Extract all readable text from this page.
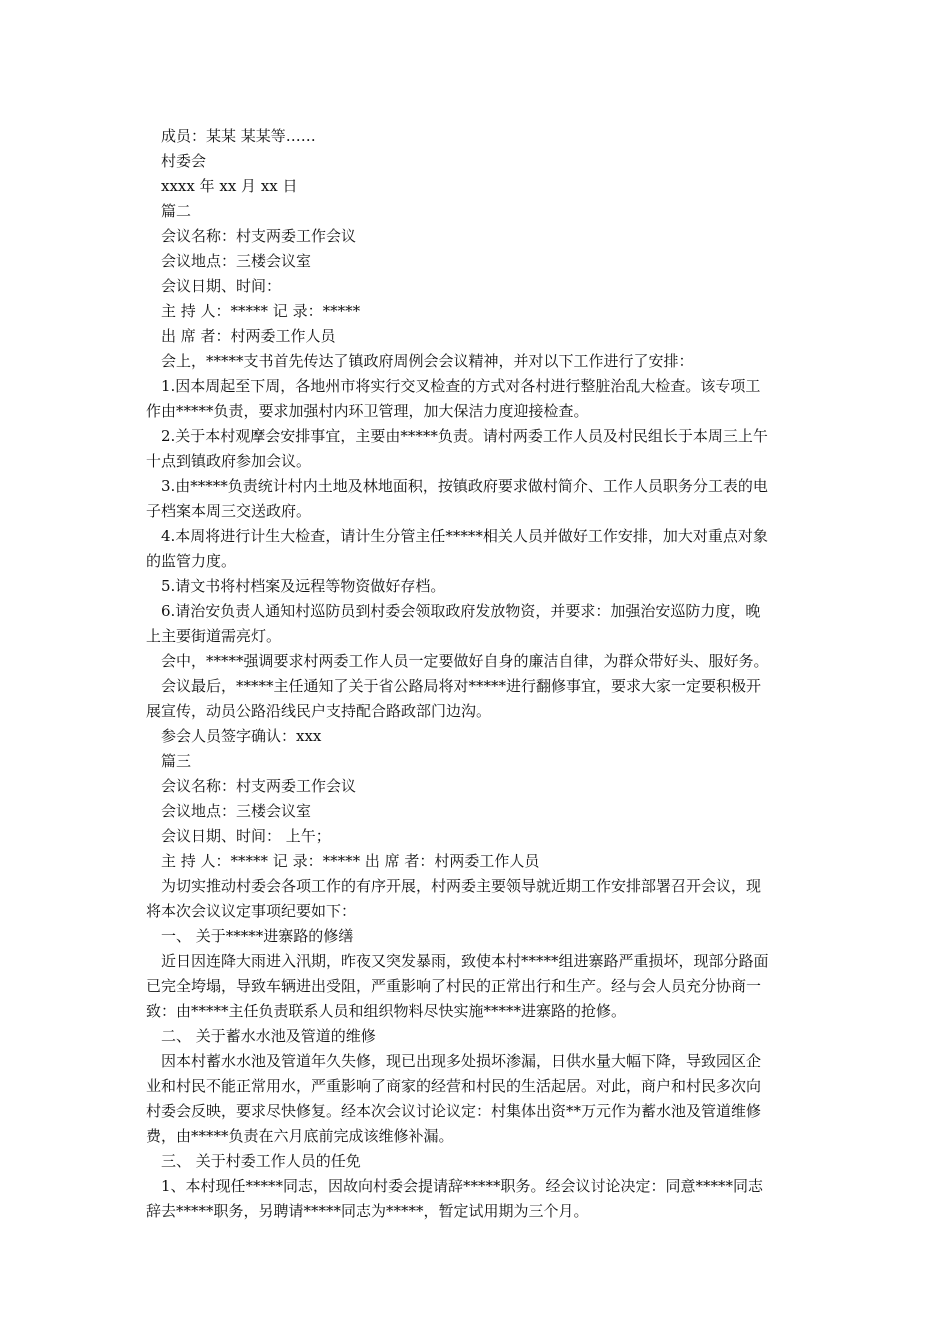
成员：某某 某某等……
村委会
xxxx 年 xx 月 xx 日
篇二
会议名称：村支两委工作会议
会议地点：三楼会议室
会议日期、时间：
主 持 人：***** 记 录：*****
出 席 者：村两委工作人员
会上，*****支书首先传达了镇政府周例会会议精神，并对以下工作进行了安排：
1.因本周起至下周，各地州市将实行交叉检查的方式对各村进行整脏治乱大检查。该专项工
作由*****负责，要求加强村内环卫管理，加大保洁力度迎接检查。
2.关于本村观摩会安排事宜，主要由*****负责。请村两委工作人员及村民组长于本周三上午
十点到镇政府参加会议。
3.由*****负责统计村内土地及林地面积，按镇政府要求做村简介、工作人员职务分工表的电
子档案本周三交送政府。
4.本周将进行计生大检查，请计生分管主任*****相关人员并做好工作安排，加大对重点对象
的监管力度。
5.请文书将村档案及远程等物资做好存档。
6.请治安负责人通知村巡防员到村委会领取政府发放物资，并要求：加强治安巡防力度，晚
上主要街道需亮灯。
会中，*****强调要求村两委工作人员一定要做好自身的廉洁自律，为群众带好头、服好务。
会议最后，*****主任通知了关于省公路局将对*****进行翻修事宜，要求大家一定要积极开
展宣传，动员公路沿线民户支持配合路政部门边沟。
参会人员签字确认：xxx
篇三
会议名称：村支两委工作会议
会议地点：三楼会议室
会议日期、时间： 上午；
主 持 人：***** 记 录：***** 出 席 者：村两委工作人员
为切实推动村委会各项工作的有序开展，村两委主要领导就近期工作安排部署召开会议，现
将本次会议议定事项纪要如下：
一、 关于*****进寨路的修缮
近日因连降大雨进入汛期，昨夜又突发暴雨，致使本村*****组进寨路严重损坏，现部分路面
已完全垮塌，导致车辆进出受阻，严重影响了村民的正常出行和生产。经与会人员充分协商一
致：由*****主任负责联系人员和组织物料尽快实施*****进寨路的抢修。
二、 关于蓄水水池及管道的维修
因本村蓄水水池及管道年久失修，现已出现多处损坏渗漏，日供水量大幅下降，导致园区企
业和村民不能正常用水，严重影响了商家的经营和村民的生活起居。对此，商户和村民多次向
村委会反映，要求尽快修复。经本次会议讨论议定：村集体出资**万元作为蓄水池及管道维修
费，由*****负责在六月底前完成该维修补漏。
三、 关于村委工作人员的任免
1、本村现任*****同志，因故向村委会提请辞*****职务。经会议讨论决定：同意*****同志
辞去*****职务，另聘请*****同志为*****，暂定试用期为三个月。
